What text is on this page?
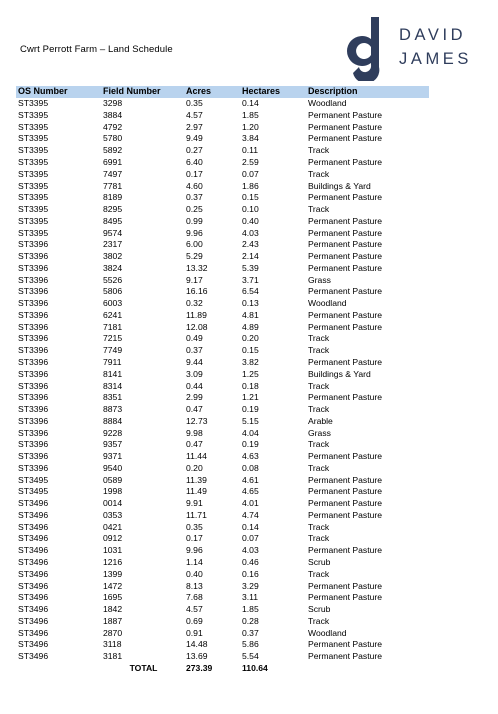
Cwrt Perrott Farm – Land Schedule
DAVID
JAMES
OS Number	Field Number	Acres	Hectares	Description
ST3395	3298	0.35	0.14	Woodland
ST3395	3884	4.57	1.85	Permanent Pasture
ST3395	4792	2.97	1.20	Permanent Pasture
ST3395	5780	9.49	3.84	Permanent Pasture
ST3395	5892	0.27	0.11	Track
ST3395	6991	6.40	2.59	Permanent Pasture
ST3395	7497	0.17	0.07	Track
ST3395	7781	4.60	1.86	Buildings & Yard
ST3395	8189	0.37	0.15	Permanent Pasture
ST3395	8295	0.25	0.10	Track
ST3395	8495	0.99	0.40	Permanent Pasture
ST3395	9574	9.96	4.03	Permanent Pasture
ST3396	2317	6.00	2.43	Permanent Pasture
ST3396	3802	5.29	2.14	Permanent Pasture
ST3396	3824	13.32	5.39	Permanent Pasture
ST3396	5526	9.17	3.71	Grass
ST3396	5806	16.16	6.54	Permanent Pasture
ST3396	6003	0.32	0.13	Woodland
ST3396	6241	11.89	4.81	Permanent Pasture
ST3396	7181	12.08	4.89	Permanent Pasture
ST3396	7215	0.49	0.20	Track
ST3396	7749	0.37	0.15	Track
ST3396	7911	9.44	3.82	Permanent Pasture
ST3396	8141	3.09	1.25	Buildings & Yard
ST3396	8314	0.44	0.18	Track
ST3396	8351	2.99	1.21	Permanent Pasture
ST3396	8873	0.47	0.19	Track
ST3396	8884	12.73	5.15	Arable
ST3396	9228	9.98	4.04	Grass
ST3396	9357	0.47	0.19	Track
ST3396	9371	11.44	4.63	Permanent Pasture
ST3396	9540	0.20	0.08	Track
ST3495	0589	11.39	4.61	Permanent Pasture
ST3495	1998	11.49	4.65	Permanent Pasture
ST3496	0014	9.91	4.01	Permanent Pasture
ST3496	0353	11.71	4.74	Permanent Pasture
ST3496	0421	0.35	0.14	Track
ST3496	0912	0.17	0.07	Track
ST3496	1031	9.96	4.03	Permanent Pasture
ST3496	1216	1.14	0.46	Scrub
ST3496	1399	0.40	0.16	Track
ST3496	1472	8.13	3.29	Permanent Pasture
ST3496	1695	7.68	3.11	Permanent Pasture
ST3496	1842	4.57	1.85	Scrub
ST3496	1887	0.69	0.28	Track
ST3496	2870	0.91	0.37	Woodland
ST3496	3118	14.48	5.86	Permanent Pasture
ST3496	3181	13.69	5.54	Permanent Pasture
	TOTAL	273.39	110.64	
